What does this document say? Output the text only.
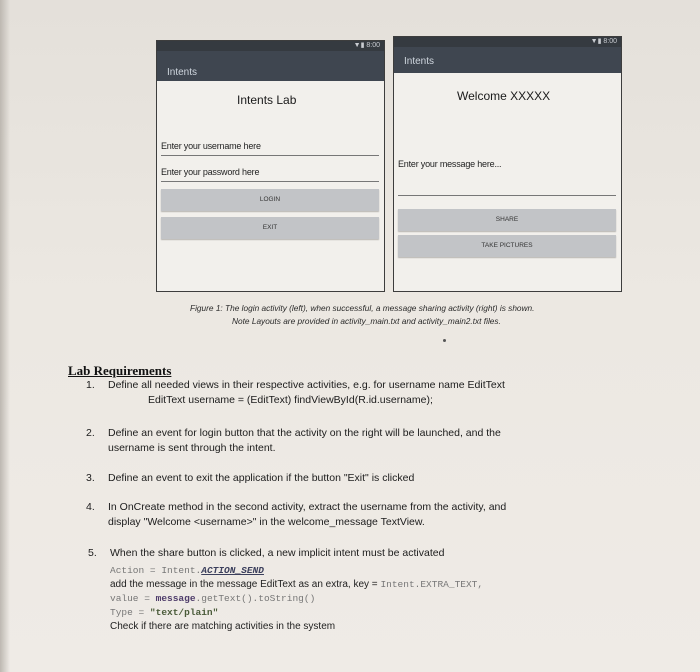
▼▮ 8:00
Intents
Intents Lab
Enter your username here
Enter your password here
LOGIN
EXIT
▼▮ 8:00
Intents
Welcome XXXXX
Enter your message here...
SHARE
TAKE PICTURES
Figure 1: The login activity (left), when successful, a message sharing activity (right) is shown.
Note Layouts are provided in activity_main.txt and activity_main2.txt files.
Lab Requirements
1. Define all needed views in their respective activities, e.g. for username name EditText
EditText username = (EditText) findViewById(R.id.username);
2. Define an event for login button that the activity on the right will be launched, and the
username is sent through the intent.
3. Define an event to exit the application if the button "Exit" is clicked
4. In OnCreate method in the second activity, extract the username from the activity, and
display "Welcome <username>" in the welcome_message TextView.
5. When the share button is clicked, a new implicit intent must be activated
Action = Intent.ACTION_SEND
add the message in the message EditText as an extra, key = Intent.EXTRA_TEXT,
value = message.getText().toString()
Type = "text/plain"
Check if there are matching activities in the system
